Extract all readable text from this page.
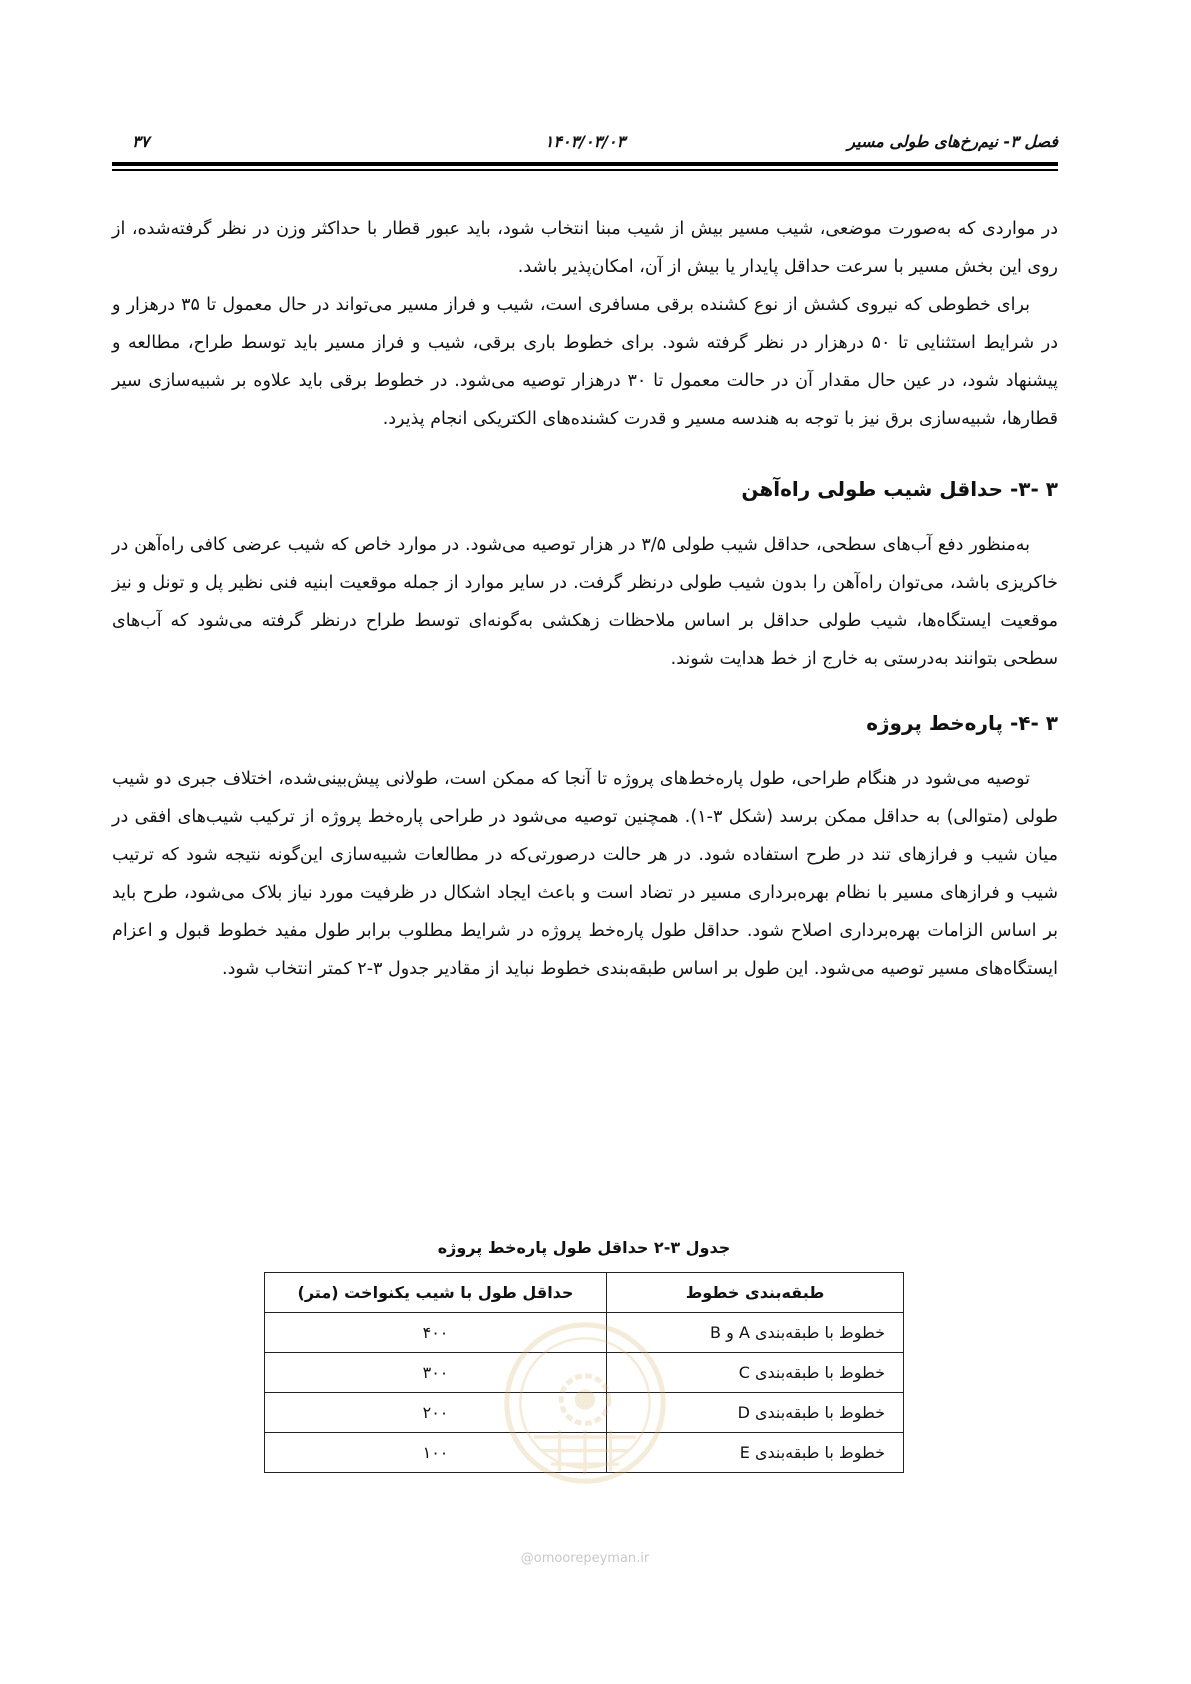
فصل ۳- نیم‌رخ‌های طولی مسیر
۱۴۰۳/۰۳/۰۳
۳۷

در مواردی که به‌صورت موضعی، شیب مسیر بیش از شیب مبنا انتخاب شود، باید عبور قطار با حداکثر وزن در نظر گرفته‌شده، از روی این بخش مسیر با سرعت حداقل پایدار یا بیش از آن، امکان‌پذیر باشد.

برای خطوطی که نیروی کشش از نوع کشنده برقی مسافری است، شیب و فراز مسیر می‌تواند در حال معمول تا ۳۵ درهزار و در شرایط استثنایی تا ۵۰ درهزار در نظر گرفته شود. برای خطوط باری برقی، شیب و فراز مسیر باید توسط طراح، مطالعه و پیشنهاد شود، در عین حال مقدار آن در حالت معمول تا ۳۰ درهزار توصیه می‌شود. در خطوط برقی باید علاوه بر شبیه‌سازی سیر قطارها، شبیه‌سازی برق نیز با توجه به هندسه مسیر و قدرت کشنده‌های الکتریکی انجام پذیرد.

۳ -۳- حداقل شیب طولی راه‌آهن

به‌منظور دفع آب‌های سطحی، حداقل شیب طولی ۳/۵ در هزار توصیه می‌شود. در موارد خاص که شیب عرضی کافی راه‌آهن در خاکریزی باشد، می‌توان راه‌آهن را بدون شیب طولی درنظر گرفت. در سایر موارد از جمله موقعیت ابنیه فنی نظیر پل و تونل و نیز موقعیت ایستگاه‌ها، شیب طولی حداقل بر اساس ملاحظات زهکشی به‌گونه‌ای توسط طراح درنظر گرفته می‌شود که آب‌های سطحی بتوانند به‌درستی به خارج از خط هدایت شوند.

۳ -۴- پاره‌خط پروژه

توصیه می‌شود در هنگام طراحی، طول پاره‌خط‌های پروژه تا آنجا که ممکن است، طولانی پیش‌بینی‌شده، اختلاف جبری دو شیب طولی (متوالی) به حداقل ممکن برسد (شکل ۳-۱). همچنین توصیه می‌شود در طراحی پاره‌خط پروژه از ترکیب شیب‌های افقی در میان شیب و فرازهای تند در طرح استفاده شود. در هر حالت درصورتی‌که در مطالعات شبیه‌سازی این‌گونه نتیجه شود که ترتیب شیب و فرازهای مسیر با نظام بهره‌برداری مسیر در تضاد است و باعث ایجاد اشکال در ظرفیت مورد نیاز بلاک می‌شود، طرح باید بر اساس الزامات بهره‌برداری اصلاح شود. حداقل طول پاره‌خط پروژه در شرایط مطلوب برابر طول مفید خطوط قبول و اعزام ایستگاه‌های مسیر توصیه می‌شود. این طول بر اساس طبقه‌بندی خطوط نباید از مقادیر جدول ۳-۲ کمتر انتخاب شود.

جدول ۳-۲ حداقل طول پاره‌خط پروژه
طبقه‌بندی خطوط	حداقل طول با شیب یکنواخت (متر)
خطوط با طبقه‌بندی A و B	۴۰۰
خطوط با طبقه‌بندی C	۳۰۰
خطوط با طبقه‌بندی D	۲۰۰
خطوط با طبقه‌بندی E	۱۰۰
@omoorepeyman.ir
